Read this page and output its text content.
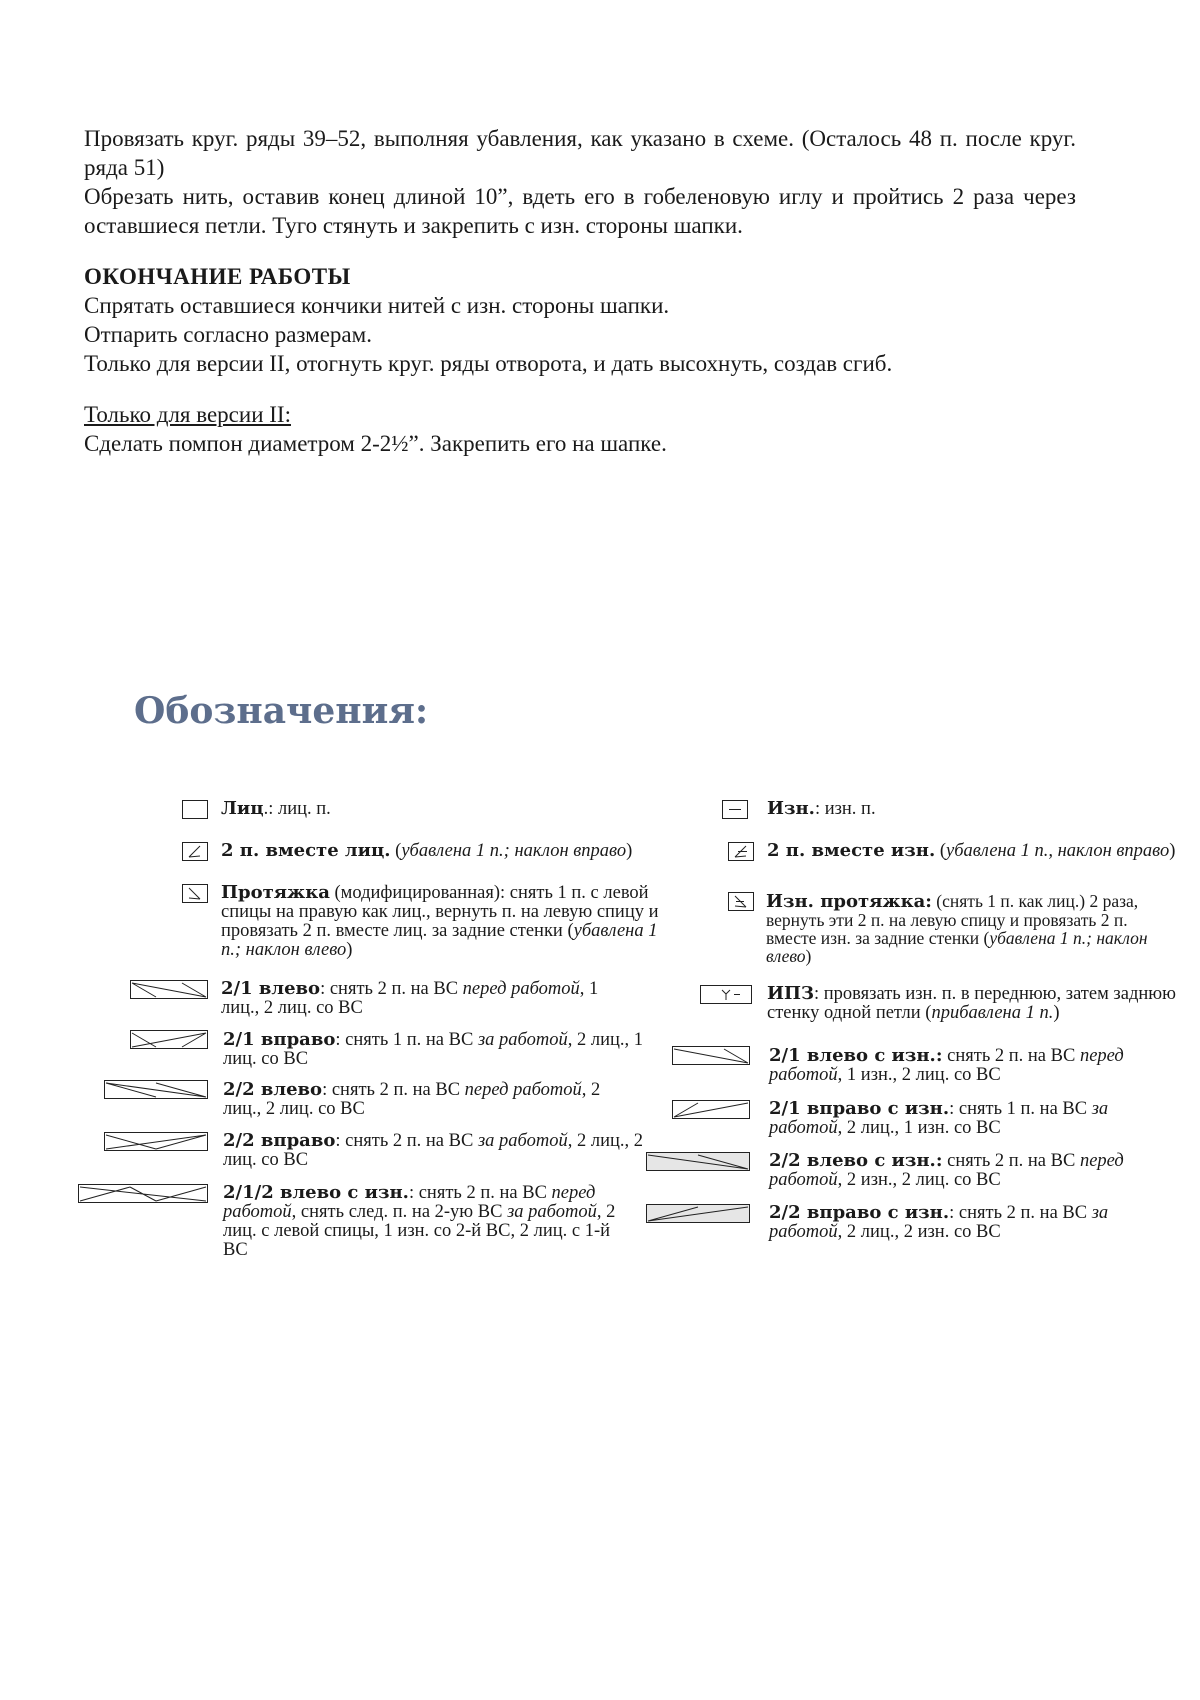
Провязать круг. ряды 39–52, выполняя убавления, как указано в схеме. (Осталось 48 п. после круг. ряда 51)

Обрезать нить, оставив конец длиной 10”, вдеть его в гобеленовую иглу и пройтись 2 раза через оставшиеся петли. Туго стянуть и закрепить с изн. стороны шапки.

ОКОНЧАНИЕ РАБОТЫ

Спрятать оставшиеся кончики нитей с изн. стороны шапки.

Отпарить согласно размерам.

Только для версии II, отогнуть круг. ряды отворота, и дать высохнуть, создав сгиб.

Только для версии II:

Сделать помпон диаметром 2-2½”. Закрепить его на шапке.

Обозначения:
Лиц.: лиц. п.
2 п. вместе лиц. (убавлена 1 п.; наклон вправо)
Протяжка (модифицированная): снять 1 п. с левой спицы на правую как лиц., вернуть п. на левую спицу и провязать 2 п. вместе лиц. за задние стенки (убавлена 1 п.; наклон влево)
2/1 влево: снять 2 п. на ВС перед работой, 1 лиц., 2 лиц. со ВС
2/1 вправо: снять 1 п. на ВС за работой, 2 лиц., 1 лиц. со ВС
2/2 влево: снять 2 п. на ВС перед работой, 2 лиц., 2 лиц. со ВС
2/2 вправо: снять 2 п. на ВС за работой, 2 лиц., 2 лиц. со ВС
2/1/2 влево с изн.: снять 2 п. на ВС перед работой, снять след. п. на 2-ую ВС за работой, 2 лиц. с левой спицы, 1 изн. со 2-й ВС, 2 лиц. с 1-й ВС
Изн.: изн. п.
2 п. вместе изн. (убавлена 1 п., наклон вправо)
Изн. протяжка: (снять 1 п. как лиц.) 2 раза, вернуть эти 2 п. на левую спицу и провязать 2 п. вместе изн. за задние стенки (убавлена 1 п.; наклон влево)
ИПЗ: провязать изн. п. в переднюю, затем заднюю стенку одной петли (прибавлена 1 п.)
2/1 влево с изн.: снять 2 п. на ВС перед работой, 1 изн., 2 лиц. со ВС
2/1 вправо с изн.: снять 1 п. на ВС за работой, 2 лиц., 1 изн. со ВС
2/2 влево с изн.: снять 2 п. на ВС перед работой, 2 изн., 2 лиц. со ВС
2/2 вправо с изн.: снять 2 п. на ВС за работой, 2 лиц., 2 изн. со ВС
